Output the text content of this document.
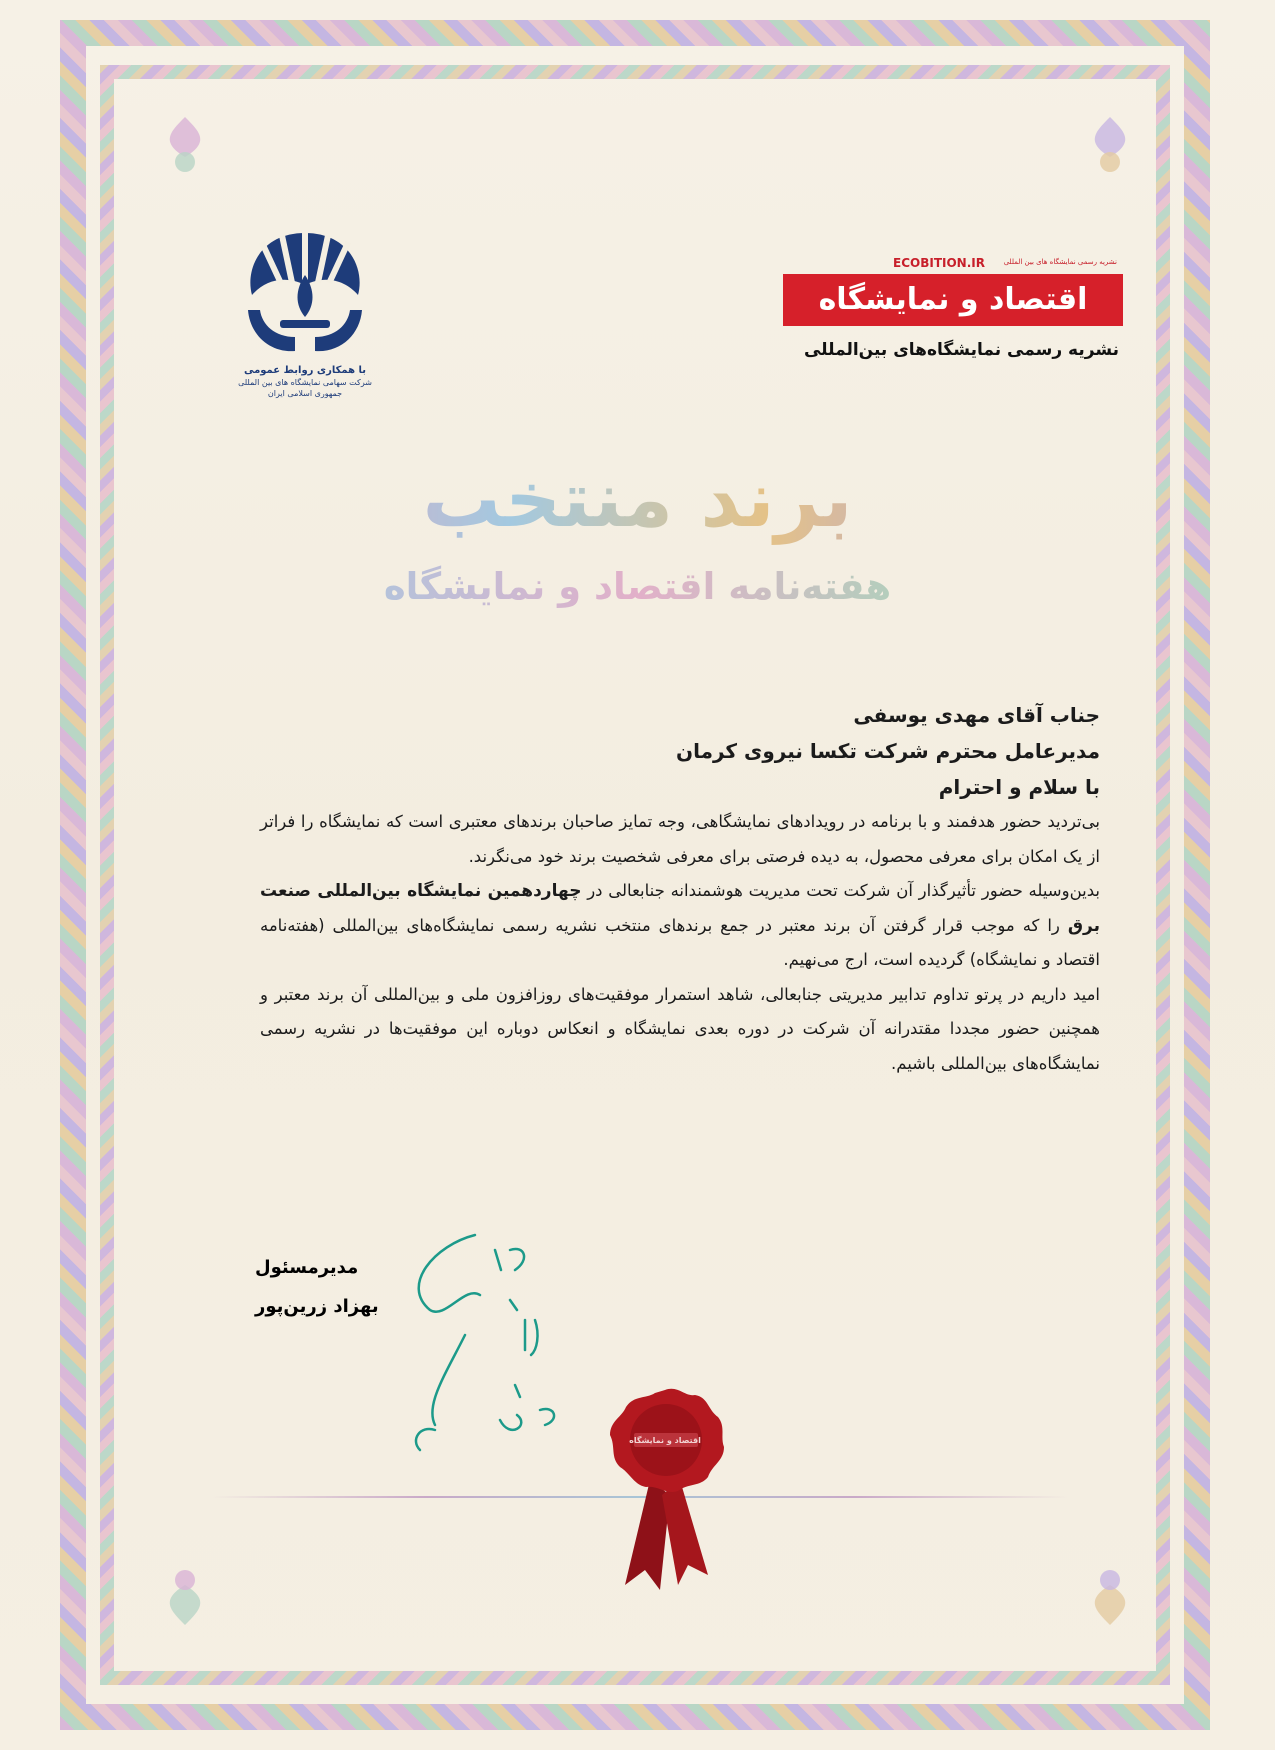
با همکاری روابط عمومی
شرکت سهامی نمایشگاه های بین المللی
جمهوری اسلامی ایران
نشریه رسمی نمایشگاه های بین المللی
ECOBITION.IR
اقتصاد و نمایشگاه
نشریه رسمی نمایشگاه‌های بین‌المللی
برند منتخب
هفته‌نامه اقتصاد و نمایشگاه

جناب آقای مهدی یوسفی

مدیرعامل محترم شرکت تکسا نیروی کرمان

با سلام و احترام

بی‌تردید حضور هدفمند و با برنامه در رویدادهای نمایشگاهی، وجه تمایز صاحبان برندهای معتبری است که نمایشگاه را فراتر از یک امکان برای معرفی محصول، به دیده فرصتی برای معرفی شخصیت برند خود می‌نگرند.

بدین‌وسیله حضور تأثیرگذار آن شرکت تحت مدیریت هوشمندانه جنابعالی در چهاردهمین نمایشگاه بین‌المللی صنعت برق را که موجب قرار گرفتن آن برند معتبر در جمع برندهای منتخب نشریه رسمی نمایشگاه‌های بین‌المللی (هفته‌نامه اقتصاد و نمایشگاه) گردیده است، ارج می‌نهیم.

امید داریم در پرتو تداوم تدابیر مدیریتی جنابعالی، شاهد استمرار موفقیت‌های روزافزون ملی و بین‌المللی آن برند معتبر و همچنین حضور مجددا مقتدرانه آن شرکت در دوره بعدی نمایشگاه و انعکاس دوباره این موفقیت‌ها در نشریه رسمی نمایشگاه‌های بین‌المللی باشیم.

مدیرمسئول
بهزاد زرین‌پور
اقتصاد و نمایشگاه
